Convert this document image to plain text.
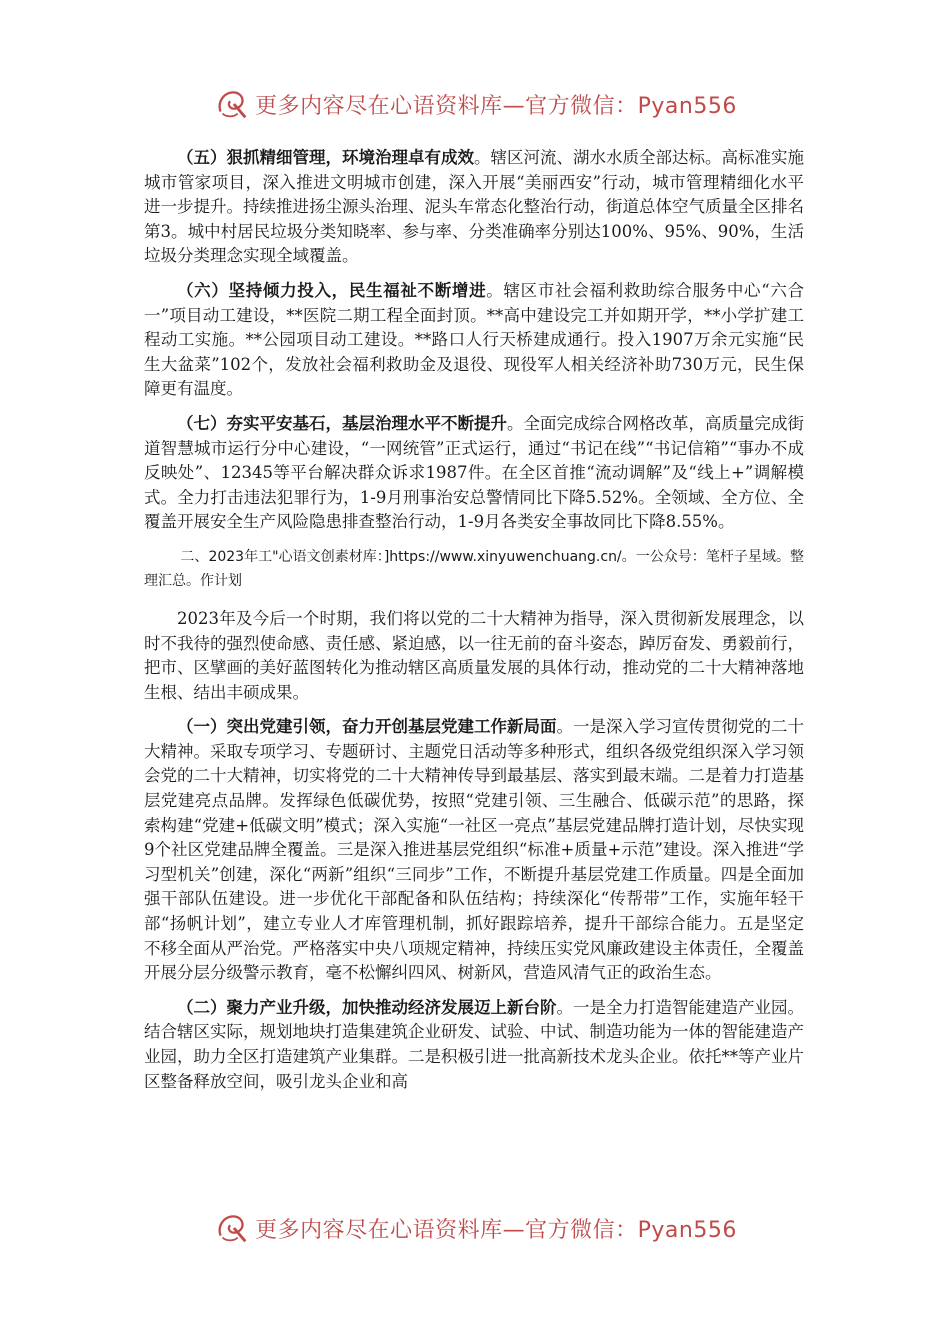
更多内容尽在心语资料库—官方微信：Pyan556

（五）狠抓精细管理，环境治理卓有成效。辖区河流、湖水水质全部达标。高标准实施城市管家项目，深入推进文明城市创建，深入开展“美丽西安”行动，城市管理精细化水平进一步提升。持续推进扬尘源头治理、泥头车常态化整治行动，街道总体空气质量全区排名第3。城中村居民垃圾分类知晓率、参与率、分类准确率分别达100%、95%、90%，生活垃圾分类理念实现全域覆盖。

（六）坚持倾力投入，民生福祉不断增进。辖区市社会福利救助综合服务中心“六合一”项目动工建设，**医院二期工程全面封顶。**高中建设完工并如期开学，**小学扩建工程动工实施。**公园项目动工建设。**路口人行天桥建成通行。投入1907万余元实施“民生大盆菜”102个，发放社会福利救助金及退役、现役军人相关经济补助730万元，民生保障更有温度。

（七）夯实平安基石，基层治理水平不断提升。全面完成综合网格改革，高质量完成街道智慧城市运行分中心建设，“一网统管”正式运行，通过“书记在线”“书记信箱”“事办不成反映处”、12345等平台解决群众诉求1987件。在全区首推“流动调解”及“线上+”调解模式。全力打击违法犯罪行为，1-9月刑事治安总警情同比下降5.52%。全领域、全方位、全覆盖开展安全生产风险隐患排查整治行动，1-9月各类安全事故同比下降8.55%。

二、2023年工"心语文创素材库：]https://www.xinyuwenchuang.cn/。一公众号：笔杆子星域。整理汇总。作计划

2023年及今后一个时期，我们将以党的二十大精神为指导，深入贯彻新发展理念，以时不我待的强烈使命感、责任感、紧迫感，以一往无前的奋斗姿态，踔厉奋发、勇毅前行，把市、区擘画的美好蓝图转化为推动辖区高质量发展的具体行动，推动党的二十大精神落地生根、结出丰硕成果。

（一）突出党建引领，奋力开创基层党建工作新局面。一是深入学习宣传贯彻党的二十大精神。采取专项学习、专题研讨、主题党日活动等多种形式，组织各级党组织深入学习领会党的二十大精神，切实将党的二十大精神传导到最基层、落实到最末端。二是着力打造基层党建亮点品牌。发挥绿色低碳优势，按照“党建引领、三生融合、低碳示范”的思路，探索构建“党建+低碳文明”模式；深入实施“一社区一亮点”基层党建品牌打造计划，尽快实现9个社区党建品牌全覆盖。三是深入推进基层党组织“标准+质量+示范”建设。深入推进“学习型机关”创建，深化“两新”组织“三同步”工作，不断提升基层党建工作质量。四是全面加强干部队伍建设。进一步优化干部配备和队伍结构；持续深化“传帮带”工作，实施年轻干部“扬帆计划”，建立专业人才库管理机制，抓好跟踪培养，提升干部综合能力。五是坚定不移全面从严治党。严格落实中央八项规定精神，持续压实党风廉政建设主体责任，全覆盖开展分层分级警示教育，毫不松懈纠四风、树新风，营造风清气正的政治生态。

（二）聚力产业升级，加快推动经济发展迈上新台阶。一是全力打造智能建造产业园。结合辖区实际，规划地块打造集建筑企业研发、试验、中试、制造功能为一体的智能建造产业园，助力全区打造建筑产业集群。二是积极引进一批高新技术龙头企业。依托**等产业片区整备释放空间，吸引龙头企业和高

更多内容尽在心语资料库—官方微信：Pyan556
